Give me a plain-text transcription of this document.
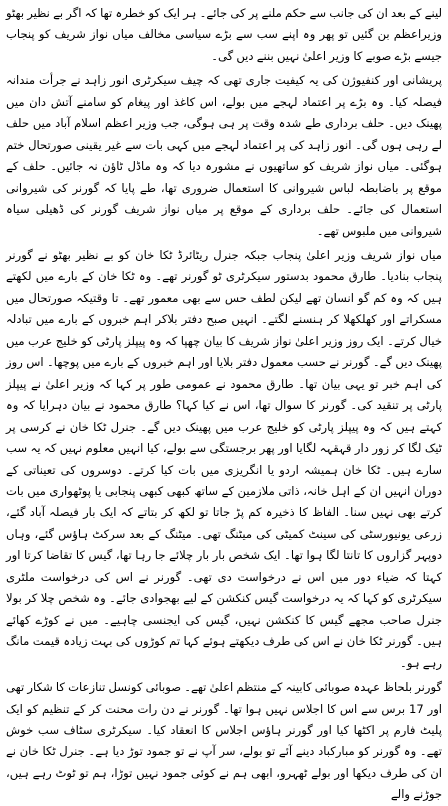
لینے کے بعد ان کی جانب سے حکم ملنے پر کی جائے۔ ہر ایک کو خطرہ تھا کہ اگر بے نظیر بھٹو وزیراعظم بن گئیں تو پھر وہ اپنے سب سے بڑے سیاسی مخالف میاں نواز شریف کو پنجاب جیسے بڑے صوبے کا وزیر اعلیٰ نہیں بننے دیں گی۔

پریشانی اور کنفیوژن کی یہ کیفیت جاری تھی کہ چیف سیکرٹری انور زاہد نے جرأت مندانہ فیصلہ کیا۔ وہ بڑے پر اعتماد لہجے میں بولے، اس کاغذ اور پیغام کو سامنے آتش دان میں پھینک دیں۔ حلف برداری طے شدہ وقت پر ہی ہوگی، جب وزیر اعظم اسلام آباد میں حلف لے رہی ہوں گی۔ انور زاہد کی پر اعتماد لہجے میں کہی بات سے غیر یقینی صورتحال ختم ہوگئی۔ میاں نواز شریف کو ساتھیوں نے مشورہ دیا کہ وہ ماڈل ٹاؤن نہ جائیں۔ حلف کے موقع پر باضابطہ لباس شیروانی کا استعمال ضروری تھا، طے پایا کہ گورنر کی شیروانی استعمال کی جائے۔ حلف برداری کے موقع پر میاں نواز شریف گورنر کی ڈھیلی سیاہ شیروانی میں ملبوس تھے۔

میاں نواز شریف وزیر اعلیٰ پنجاب جبکہ جنرل ریٹائرڈ ٹکا خان کو بے نظیر بھٹو نے گورنر پنجاب بنادیا۔ طارق محمود بدستور سیکرٹری ٹو گورنر تھے۔ وہ ٹکا خان کے بارے میں لکھتے ہیں کہ وہ کم گو انسان تھے لیکن لطف حس سے بھی معمور تھے۔ تا وقتیکہ صورتحال میں مسکراتے اور کھلکھلا کر ہنسنے لگتے۔ انہیں صبح دفتر بلاکر اہم خبروں کے بارے میں تبادلہ خیال کرتے۔ ایک روز وزیر اعلیٰ نواز شریف کا بیان چھپا کہ وہ پیپلز پارٹی کو خلیج عرب میں پھینک دیں گے۔ گورنر نے حسب معمول دفتر بلایا اور اہم خبروں کے بارے میں پوچھا۔ اس روز کی اہم خبر تو یہی بیان تھا۔ طارق محمود نے عمومی طور پر کہا کہ وزیر اعلیٰ نے پیپلز پارٹی پر تنقید کی۔ گورنر کا سوال تھا، اس نے کیا کہا؟ طارق محمود نے بیان دہرایا کہ وہ کہتے ہیں کہ وہ پیپلز پارٹی کو خلیج عرب میں پھینک دیں گے۔ جنرل ٹکا خان نے کرسی پر ٹیک لگا کر زور دار قہقہہ لگایا اور پھر برجستگی سے بولے، کیا انہیں معلوم نہیں کہ یہ سب سارے ہیں۔ ٹکا خان ہمیشہ اردو یا انگریزی میں بات کیا کرتے۔ دوسروں کی تعیناتی کے دوران انہیں ان کے اہل خانہ، ذاتی ملازمین کے ساتھ کبھی کبھی پنجابی یا پوٹھواری میں بات کرتے بھی نہیں سنا۔ الفاظ کا ذخیرہ کم پڑ جاتا تو لکھ کر بتاتے کہ ایک بار فیصلہ آباد گئے، زرعی یونیورسٹی کی سینٹ کمیٹی کی میٹنگ تھی۔ میٹنگ کے بعد سرکٹ ہاؤس گئے، وہاں دوپہر گزاروں کا تانتا لگا ہوا تھا۔ ایک شخص بار بار چلائے جا رہا تھا، گیس کا تقاضا کرتا اور کہتا کہ ضیاء دور میں اس نے درخواست دی تھی۔ گورنر نے اس کی درخواست ملٹری سیکرٹری کو کہا کہ یہ درخواست گیس کنکشن کے لیے بھجوادی جائے۔ وہ شخص چلا کر بولا جنرل صاحب مجھے گیس کا کنکشن نہیں، گیس کی ایجنسی چاہیے۔ میں نے کوڑے کھائے ہیں۔ گورنر ٹکا خان نے اس کی طرف دیکھتے ہوئے کہا تم کوڑوں کی بہت زیادہ قیمت مانگ رہے ہو۔

گورنر بلحاظ عہدہ صوبائی کابینہ کے منتظم اعلیٰ تھے۔ صوبائی کونسل تنازعات کا شکار تھی اور 17 برس سے اس کا اجلاس نہیں ہوا تھا۔ گورنر نے دن رات محنت کر کے تنظیم کو ایک پلیٹ فارم پر اکٹھا کیا اور گورنر ہاؤس اجلاس کا انعقاد کیا۔ سیکرٹری سٹاف سب خوش تھے۔ وہ گورنر کو مبارکباد دینے آئے تو بولے، سر آپ نے تو جمود توڑ دیا ہے۔ جنرل ٹکا خان نے ان کی طرف دیکھا اور بولے ٹھہرو، ابھی ہم نے کوئی جمود نہیں توڑا، ہم تو ٹوٹ رہے ہیں، جوڑنے والے
